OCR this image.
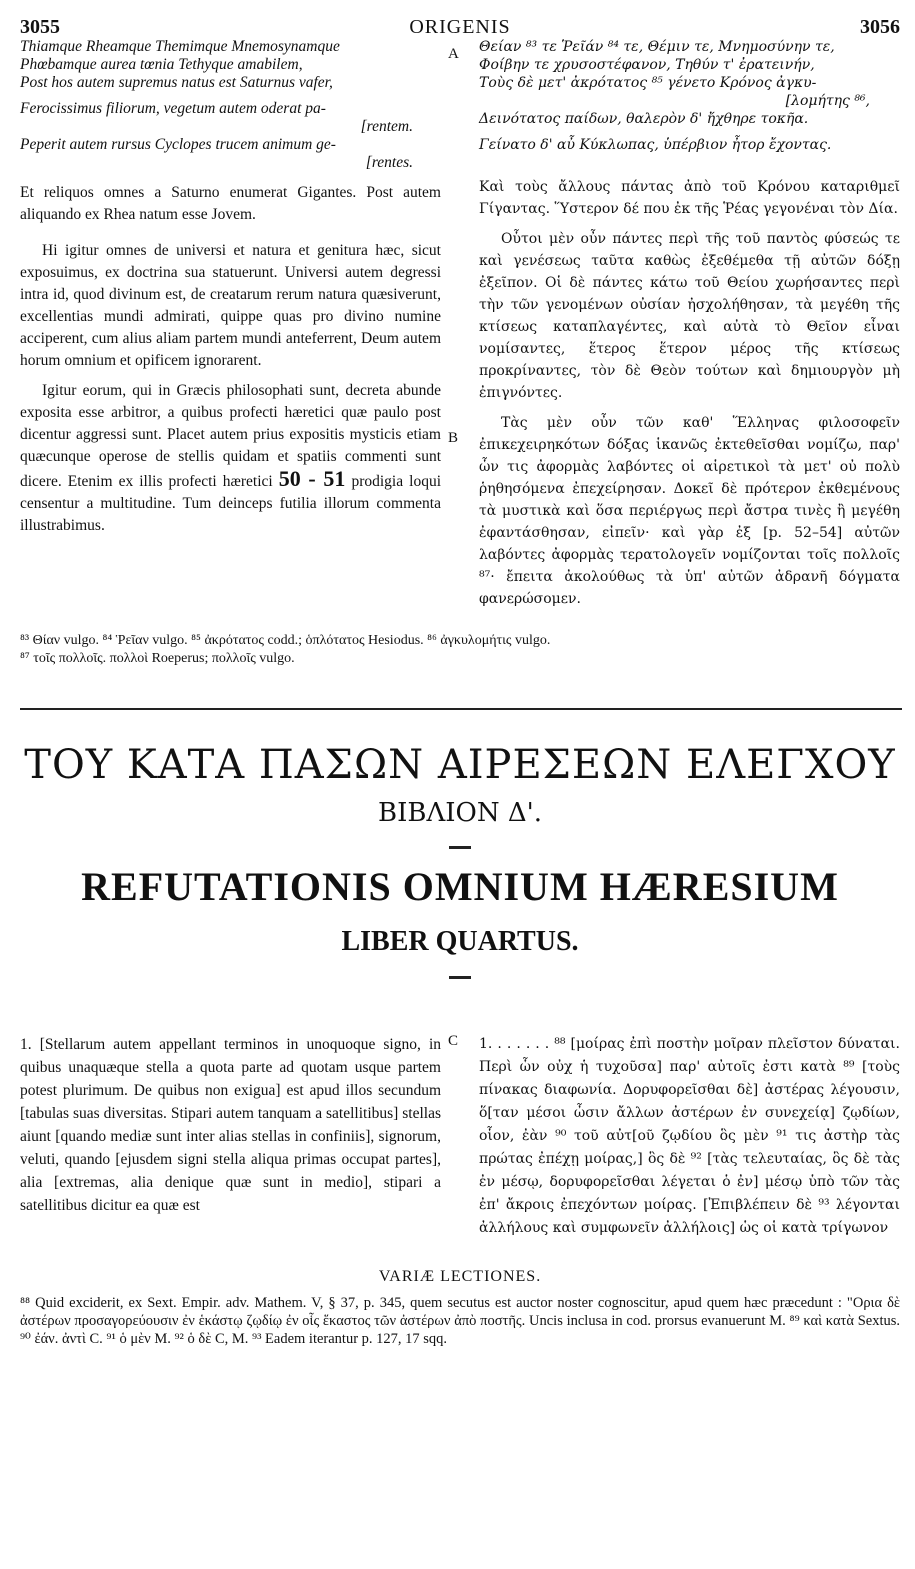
3055	ORIGENIS	3056
A
B
Thiamque Rheamque Themimque Mnemosynamque
Phœbamque aurea tœnia Tethyque amabilem,
Post hos autem supremus natus est Saturnus vafer,
Ferocissimus filiorum, vegetum autem oderat pa-
[rentem.
Peperit autem rursus Cyclopes trucem animum ge-
[rentes.

Et reliquos omnes a Saturno enumerat Gigantes. Post autem aliquando ex Rhea natum esse Jovem.

Hi igitur omnes de universi et natura et genitura hæc, sicut exposuimus, ex doctrina sua statuerunt. Universi autem degressi intra id, quod divinum est, de creatarum rerum natura quæsiverunt, excellentias mundi admirati, quippe quas pro divino numine acciperent, cum alius aliam partem mundi anteferrent, Deum autem horum omnium et opificem ignorarent.

Igitur eorum, qui in Græcis philosophati sunt, decreta abunde exposita esse arbitror, a quibus profecti hæretici quæ paulo post dicentur aggressi sunt. Placet autem prius expositis mysticis etiam quæcunque operose de stellis quidam et spatiis commenti sunt dicere. Etenim ex illis profecti hæretici 50 - 51 prodigia loqui censentur a multitudine. Tum deinceps futilia illorum commenta illustrabimus.

Θείαν ⁸³ τε Ῥεῖάν ⁸⁴ τε, Θέμιν τε, Μνημοσύνην τε,
Φοίβην τε χρυσοστέφανον, Τηθύν τ' ἐρατεινήν,
Τοὺς δὲ μετ' ἀκρότατος ⁸⁵ γένετο Κρόνος ἀγκυ-
[λομήτης ⁸⁶,
Δεινότατος παίδων, θαλερὸν δ' ἤχθηρε τοκῆα.
Γείνατο δ' αὖ Κύκλωπας, ὑπέρβιον ἦτορ ἔχοντας.

Καὶ τοὺς ἄλλους πάντας ἀπὸ τοῦ Κρόνου καταριθμεῖ Γίγαντας. Ὕστερον δέ που ἐκ τῆς Ῥέας γεγονέναι τὸν Δία.

Οὗτοι μὲν οὖν πάντες περὶ τῆς τοῦ παντὸς φύσεώς τε καὶ γενέσεως ταῦτα καθὼς ἐξεθέμεθα τῇ αὐτῶν δόξῃ ἐξεῖπον. Οἱ δὲ πάντες κάτω τοῦ Θείου χωρήσαντες περὶ τὴν τῶν γενομένων οὐσίαν ἠσχολήθησαν, τὰ μεγέθη τῆς κτίσεως καταπλαγέντες, καὶ αὐτὰ τὸ Θεῖον εἶναι νομίσαντες, ἕτερος ἕτερον μέρος τῆς κτίσεως προκρίναντες, τὸν δὲ Θεὸν τούτων καὶ δημιουργὸν μὴ ἐπιγνόντες.

Τὰς μὲν οὖν τῶν καθ' Ἕλληνας φιλοσοφεῖν ἐπικεχειρηκότων δόξας ἱκανῶς ἐκτεθεῖσθαι νομίζω, παρ' ὧν τις ἀφορμὰς λαβόντες οἱ αἱρετικοὶ τὰ μετ' οὐ πολὺ ῥηθησόμενα ἐπεχείρησαν. Δοκεῖ δὲ πρότερον ἐκθεμένους τὰ μυστικὰ καὶ ὅσα περιέργως περὶ ἄστρα τινὲς ἢ μεγέθη ἐφαντάσθησαν, εἰπεῖν· καὶ γὰρ ἐξ [p. 52–54] αὐτῶν λαβόντες ἀφορμὰς τερατολογεῖν νομίζονται τοῖς πολλοῖς ⁸⁷· ἔπειτα ἀκολούθως τὰ ὑπ' αὐτῶν ἀδρανῆ δόγματα φανερώσομεν.

⁸³ Θίαν vulgo. ⁸⁴ Ῥεῖαν vulgo. ⁸⁵ ἀκρότατος codd.; ὁπλότατος Hesiodus. ⁸⁶ ἀγκυλομήτις vulgo.
⁸⁷ τοῖς πολλοῖς. πολλοὶ Roeperus; πολλοῖς vulgo.
ΤΟΥ ΚΑΤΑ ΠΑΣΩΝ ΑΙΡΕΣΕΩΝ ΕΛΕΓΧΟΥ
ΒΙΒΛΙΟΝ Δ'.
REFUTATIONIS OMNIUM HÆRESIUM
LIBER QUARTUS.
C

1. [Stellarum autem appellant terminos in unoquoque signo, in quibus unaquæque stella a quota parte ad quotam usque partem potest plurimum. De quibus non exigua] est apud illos secundum [tabulas suas diversitas. Stipari autem tanquam a satellitibus] stellas aiunt [quando mediæ sunt inter alias stellas in confiniis], signorum, veluti, quando [ejusdem signi stella aliqua primas occupat partes], alia [extremas, alia denique quæ sunt in medio], stipari a satellitibus dicitur ea quæ est

1. . . . . . . ⁸⁸ [μοίρας ἐπὶ ποστὴν μοῖραν πλεῖστον δύναται. Περὶ ὧν οὐχ ἡ τυχοῦσα] παρ' αὐτοῖς ἐστι κατὰ ⁸⁹ [τοὺς πίνακας διαφωνία. Δορυφορεῖσθαι δὲ] ἀστέρας λέγουσιν, ὅ[ταν μέσοι ὦσιν ἄλλων ἀστέρων ἐν συνεχείᾳ] ζῳδίων, οἷον, ἐὰν ⁹⁰ τοῦ αὐτ[οῦ ζῳδίου ὃς μὲν ⁹¹ τις ἀστὴρ τὰς πρώτας ἐπέχῃ μοίρας,] ὃς δὲ ⁹² [τὰς τελευταίας, ὃς δὲ τὰς ἐν μέσῳ, δορυφορεῖσθαι λέγεται ὁ ἐν] μέσῳ ὑπὸ τῶν τὰς ἐπ' ἄκροις ἐπεχόντων μοίρας. [Ἐπιβλέπειν δὲ ⁹³ λέγονται ἀλλήλους καὶ συμφωνεῖν ἀλλήλοις] ὡς οἱ κατὰ τρίγωνον

VARIÆ LECTIONES.
⁸⁸ Quid exciderit, ex Sext. Empir. adv. Mathem. V, § 37, p. 345, quem secutus est auctor noster cognoscitur, apud quem hæc præcedunt : "Ορια δὲ ἀστέρων προσαγορεύουσιν ἐν ἑκάστῳ ζῳδίῳ ἐν οἷς ἕκαστος τῶν ἀστέρων ἀπὸ ποστῆς. Uncis inclusa in cod. prorsus evanuerunt M. ⁸⁹ καὶ κατὰ Sextus. ⁹⁰ ἐάν. ἀντὶ C. ⁹¹ ὁ μὲν M. ⁹² ὁ δὲ C, M. ⁹³ Eadem iterantur p. 127, 17 sqq.
